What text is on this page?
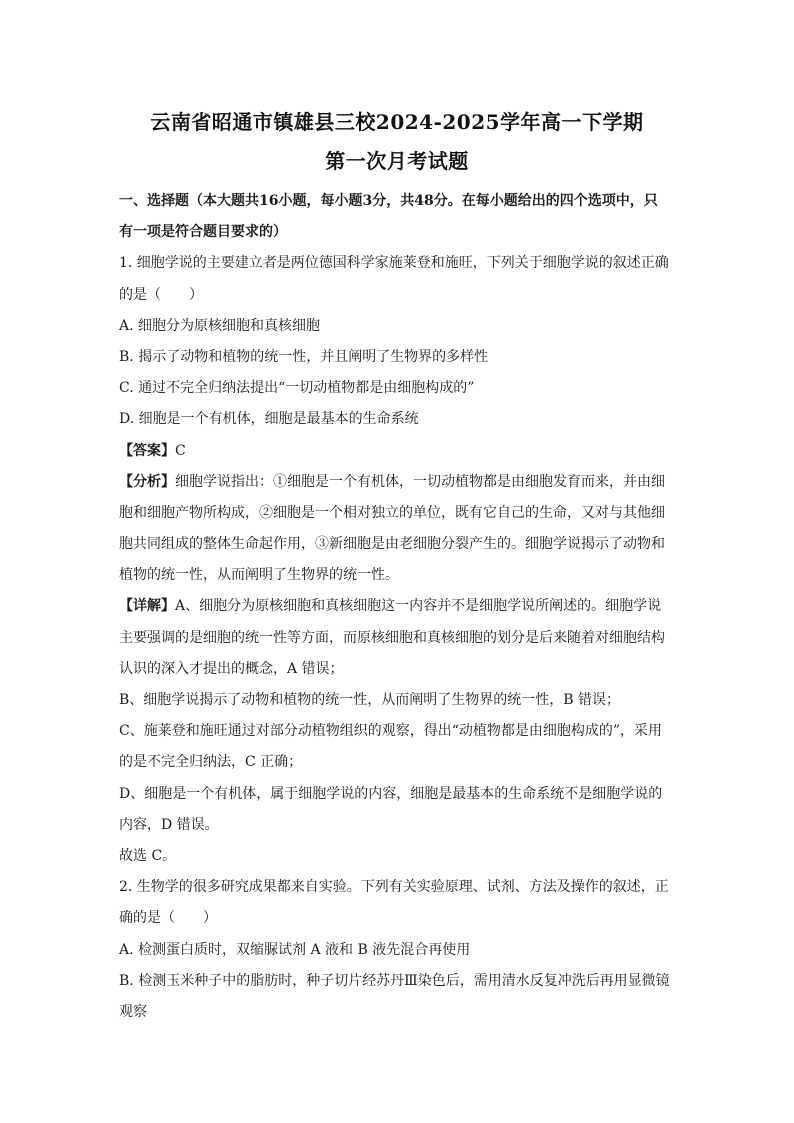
云南省昭通市镇雄县三校2024-2025学年高一下学期
第一次月考试题
一、选择题（本大题共16小题，每小题3分，共48分。在每小题给出的四个选项中，只
有一项是符合题目要求的）
1. 细胞学说的主要建立者是两位德国科学家施莱登和施旺，下列关于细胞学说的叙述正确
的是（　　）
A. 细胞分为原核细胞和真核细胞
B. 揭示了动物和植物的统一性，并且阐明了生物界的多样性
C. 通过不完全归纳法提出“一切动植物都是由细胞构成的”
D. 细胞是一个有机体，细胞是最基本的生命系统
【答案】C
【分析】细胞学说指出：①细胞是一个有机体，一切动植物都是由细胞发育而来，并由细
胞和细胞产物所构成，②细胞是一个相对独立的单位，既有它自己的生命，又对与其他细
胞共同组成的整体生命起作用，③新细胞是由老细胞分裂产生的。细胞学说揭示了动物和
植物的统一性，从而阐明了生物界的统一性。
【详解】A、细胞分为原核细胞和真核细胞这一内容并不是细胞学说所阐述的。细胞学说
主要强调的是细胞的统一性等方面，而原核细胞和真核细胞的划分是后来随着对细胞结构
认识的深入才提出的概念，A 错误；
B、细胞学说揭示了动物和植物的统一性，从而阐明了生物界的统一性，B 错误；
C、施莱登和施旺通过对部分动植物组织的观察，得出“动植物都是由细胞构成的”，采用
的是不完全归纳法，C 正确；
D、细胞是一个有机体，属于细胞学说的内容，细胞是最基本的生命系统不是细胞学说的
内容，D 错误。
故选 C。
2. 生物学的很多研究成果都来自实验。下列有关实验原理、试剂、方法及操作的叙述，正
确的是（　　）
A. 检测蛋白质时，双缩脲试剂 A 液和 B 液先混合再使用
B. 检测玉米种子中的脂肪时，种子切片经苏丹Ⅲ染色后，需用清水反复冲洗后再用显微镜
观察
